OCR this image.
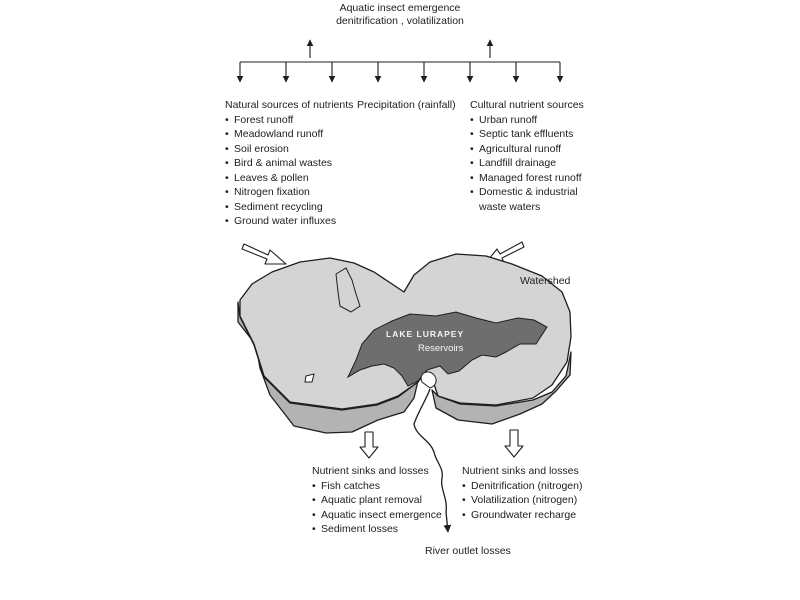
Aquatic insect emergence
denitrification , volatilization
Natural sources of nutrients
• Forest runoff
• Meadowland runoff
• Soil erosion
• Bird & animal wastes
• Leaves & pollen
• Nitrogen fixation
• Sediment recycling
• Ground water influxes
Precipitation (rainfall) Cultural nutrient sources
• Urban runoff
• Septic tank effluents
• Agricultural runoff
• Landfill drainage
• Managed forest runoff
• Domestic & industrial
waste waters
Watershed
LAKE LURAPEY
Reservoirs
Nutrient sinks and losses
• Fish catches
• Aquatic plant removal
• Aquatic insect emergence
• Sediment losses
Nutrient sinks and losses
• Denitrification (nitrogen)
• Volatilization (nitrogen)
• Groundwater recharge
River outlet losses
